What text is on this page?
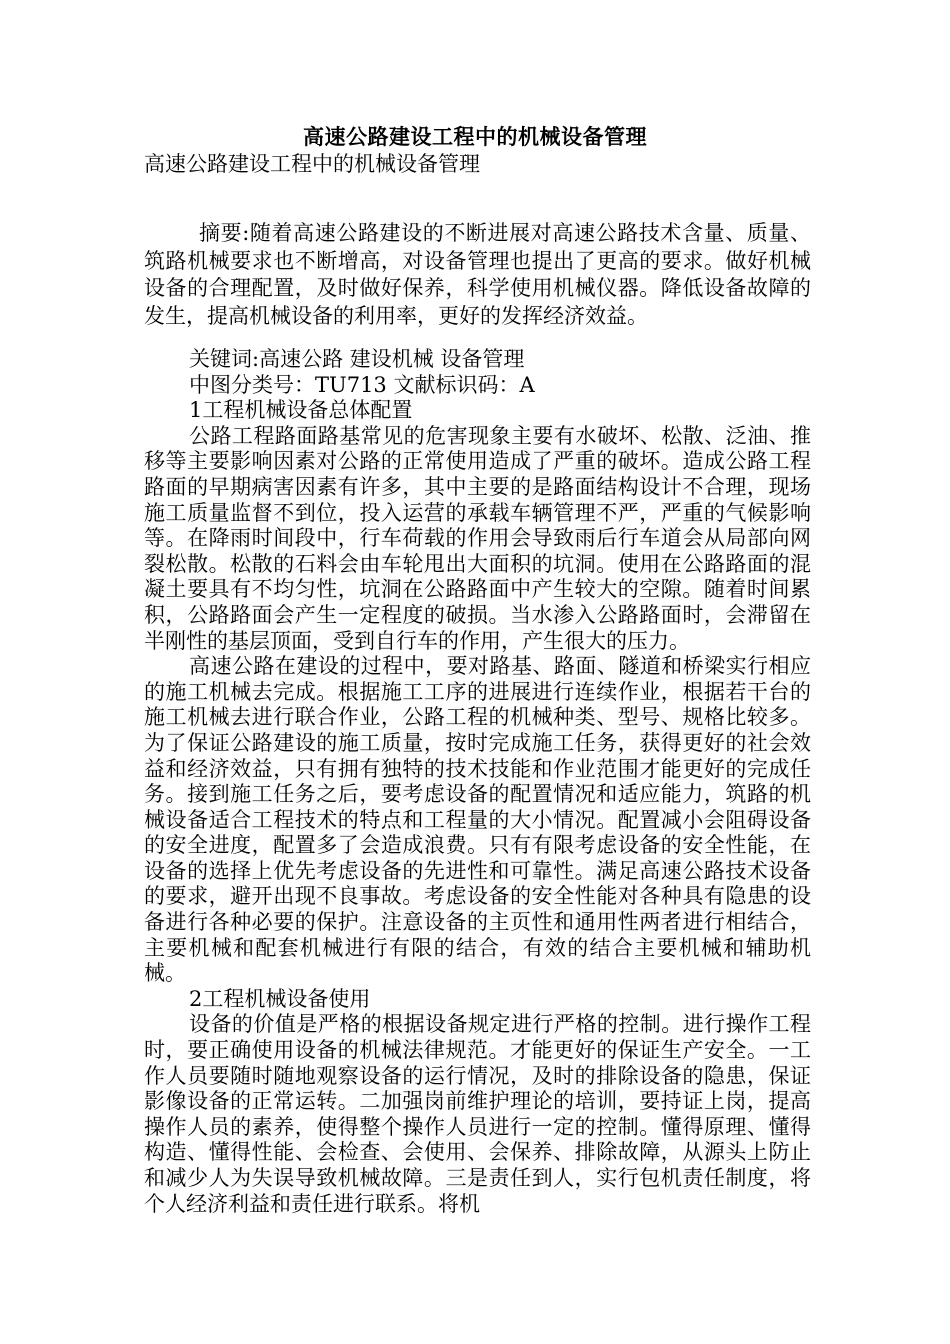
高速公路建设工程中的机械设备管理
高速公路建设工程中的机械设备管理

摘要:随着高速公路建设的不断进展对高速公路技术含量、质量、筑路机械要求也不断增高，对设备管理也提出了更高的要求。做好机械设备的合理配置，及时做好保养，科学使用机械仪器。降低设备故障的发生，提高机械设备的利用率，更好的发挥经济效益。

关键词:高速公路 建设机械 设备管理

中图分类号：TU713 文献标识码：A

1工程机械设备总体配置

公路工程路面路基常见的危害现象主要有水破坏、松散、泛油、推移等主要影响因素对公路的正常使用造成了严重的破坏。造成公路工程路面的早期病害因素有许多，其中主要的是路面结构设计不合理，现场施工质量监督不到位，投入运营的承载车辆管理不严，严重的气候影响等。在降雨时间段中，行车荷载的作用会导致雨后行车道会从局部向网裂松散。松散的石料会由车轮甩出大面积的坑洞。使用在公路路面的混凝土要具有不均匀性，坑洞在公路路面中产生较大的空隙。随着时间累积，公路路面会产生一定程度的破损。当水渗入公路路面时，会滞留在半刚性的基层顶面，受到自行车的作用，产生很大的压力。

高速公路在建设的过程中，要对路基、路面、隧道和桥梁实行相应的施工机械去完成。根据施工工序的进展进行连续作业，根据若干台的施工机械去进行联合作业，公路工程的机械种类、型号、规格比较多。为了保证公路建设的施工质量，按时完成施工任务，获得更好的社会效益和经济效益，只有拥有独特的技术技能和作业范围才能更好的完成任务。接到施工任务之后，要考虑设备的配置情况和适应能力，筑路的机械设备适合工程技术的特点和工程量的大小情况。配置减小会阻碍设备的安全进度，配置多了会造成浪费。只有有限考虑设备的安全性能，在设备的选择上优先考虑设备的先进性和可靠性。满足高速公路技术设备的要求，避开出现不良事故。考虑设备的安全性能对各种具有隐患的设备进行各种必要的保护。注意设备的主页性和通用性两者进行相结合，主要机械和配套机械进行有限的结合，有效的结合主要机械和辅助机械。

2工程机械设备使用

设备的价值是严格的根据设备规定进行严格的控制。进行操作工程时，要正确使用设备的机械法律规范。才能更好的保证生产安全。一工作人员要随时随地观察设备的运行情况，及时的排除设备的隐患，保证影像设备的正常运转。二加强岗前维护理论的培训，要持证上岗，提高操作人员的素养，使得整个操作人员进行一定的控制。懂得原理、懂得构造、懂得性能、会检查、会使用、会保养、排除故障，从源头上防止和减少人为失误导致机械故障。三是责任到人，实行包机责任制度，将个人经济利益和责任进行联系。将机
